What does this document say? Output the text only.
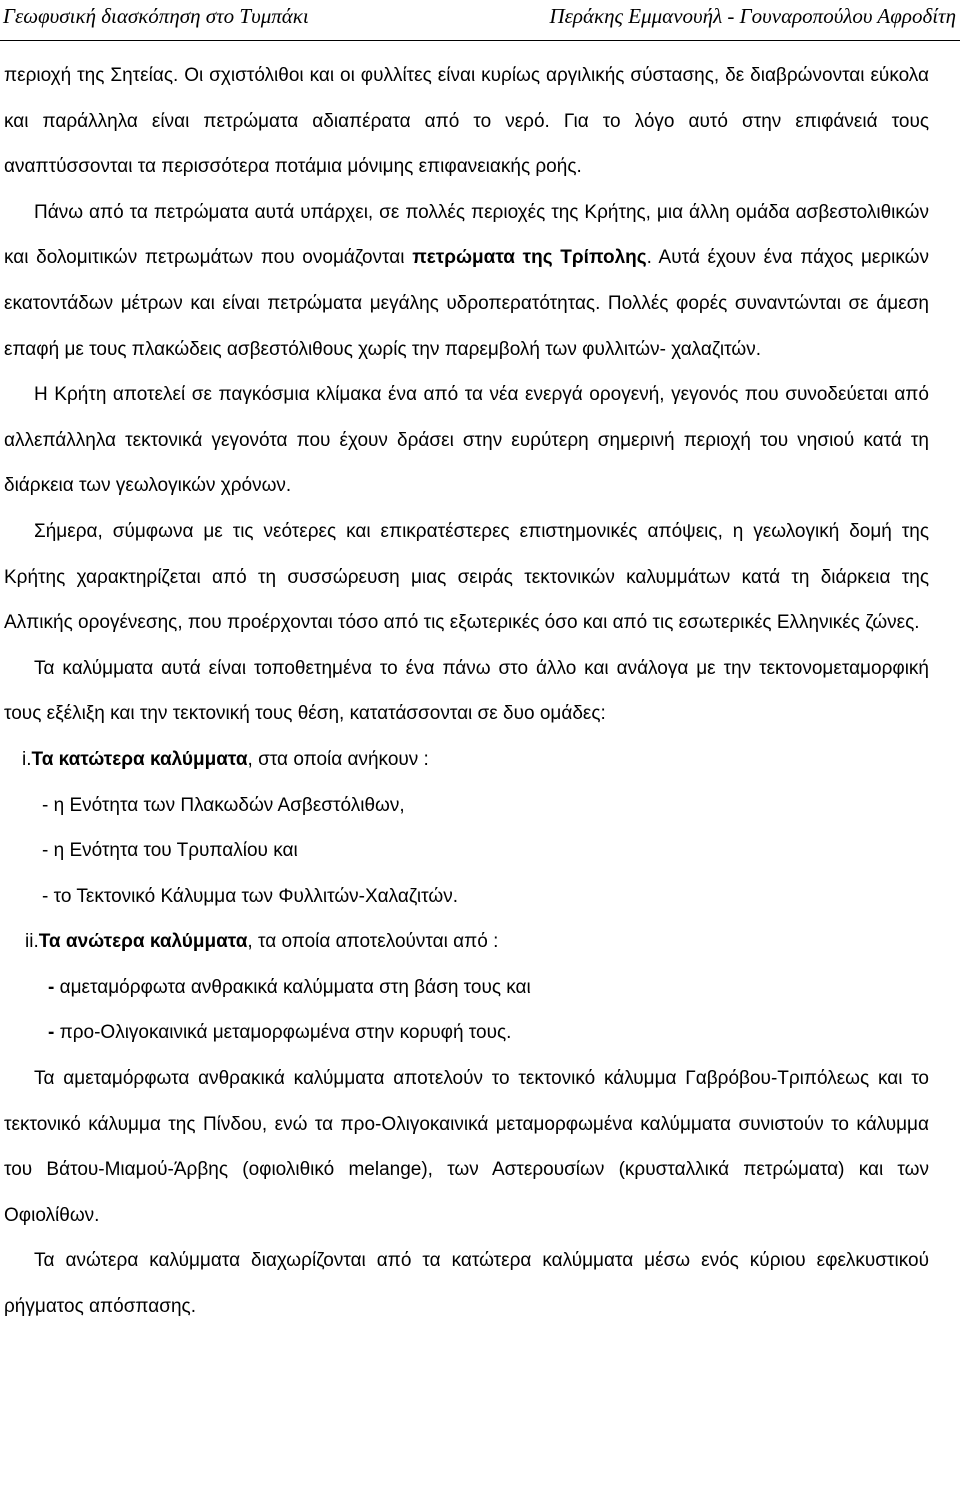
Γεωφυσική διασκόπηση στο Τυμπάκι	Περάκης Εμμανουήλ - Γουναροπούλου Αφροδίτη

περιοχή της Σητείας. Οι σχιστόλιθοι και οι φυλλίτες είναι κυρίως αργιλικής σύστασης, δε διαβρώνονται εύκολα και παράλληλα είναι πετρώματα αδιαπέρατα από το νερό. Για το λόγο αυτό στην επιφάνειά τους αναπτύσσονται τα περισσότερα ποτάμια μόνιμης επιφανειακής ροής.

Πάνω από τα πετρώματα αυτά υπάρχει, σε πολλές περιοχές της Κρήτης, μια άλλη ομάδα ασβεστολιθικών και δολομιτικών πετρωμάτων που ονομάζονται πετρώματα της Τρίπολης. Αυτά έχουν ένα πάχος μερικών εκατοντάδων μέτρων και είναι πετρώματα μεγάλης υδροπερατότητας. Πολλές φορές συναντώνται σε άμεση επαφή με τους πλακώδεις ασβεστόλιθους χωρίς την παρεμβολή των φυλλιτών- χαλαζιτών.

Η Κρήτη αποτελεί σε παγκόσμια κλίμακα ένα από τα νέα ενεργά ορογενή, γεγονός που συνοδεύεται από αλλεπάλληλα τεκτονικά γεγονότα που έχουν δράσει στην ευρύτερη σημερινή περιοχή του νησιού κατά τη διάρκεια των γεωλογικών χρόνων.

Σήμερα, σύμφωνα με τις νεότερες και επικρατέστερες επιστημονικές απόψεις, η γεωλογική δομή της Κρήτης χαρακτηρίζεται από τη συσσώρευση μιας σειράς τεκτονικών καλυμμάτων κατά τη διάρκεια της Αλπικής ορογένεσης, που προέρχονται τόσο από τις εξωτερικές όσο και από τις εσωτερικές Ελληνικές ζώνες.

Τα καλύμματα αυτά είναι τοποθετημένα το ένα πάνω στο άλλο και ανάλογα με την τεκτονομεταμορφική τους εξέλιξη και την τεκτονική τους θέση, κατατάσσονται σε δυο ομάδες:

i.Τα κατώτερα καλύμματα, στα οποία ανήκουν :

- η Ενότητα των Πλακωδών Ασβεστόλιθων,

- η Ενότητα του Τρυπαλίου και

- το Τεκτονικό Κάλυμμα των Φυλλιτών-Χαλαζιτών.

ii.Τα ανώτερα καλύμματα, τα οποία αποτελούνται από :

- αμεταμόρφωτα ανθρακικά καλύμματα στη βάση τους και

- προ-Ολιγοκαινικά μεταμορφωμένα στην κορυφή τους.

Τα αμεταμόρφωτα ανθρακικά καλύμματα αποτελούν το τεκτονικό κάλυμμα Γαβρόβου-Τριπόλεως και το τεκτονικό κάλυμμα της Πίνδου, ενώ τα προ-Ολιγοκαινικά μεταμορφωμένα καλύμματα συνιστούν το κάλυμμα του Βάτου-Μιαμού-Άρβης (οφιολιθικό melange), των Αστερουσίων (κρυσταλλικά πετρώματα) και των Οφιολίθων.

Τα ανώτερα καλύμματα διαχωρίζονται από τα κατώτερα καλύμματα μέσω ενός κύριου εφελκυστικού ρήγματος απόσπασης.
